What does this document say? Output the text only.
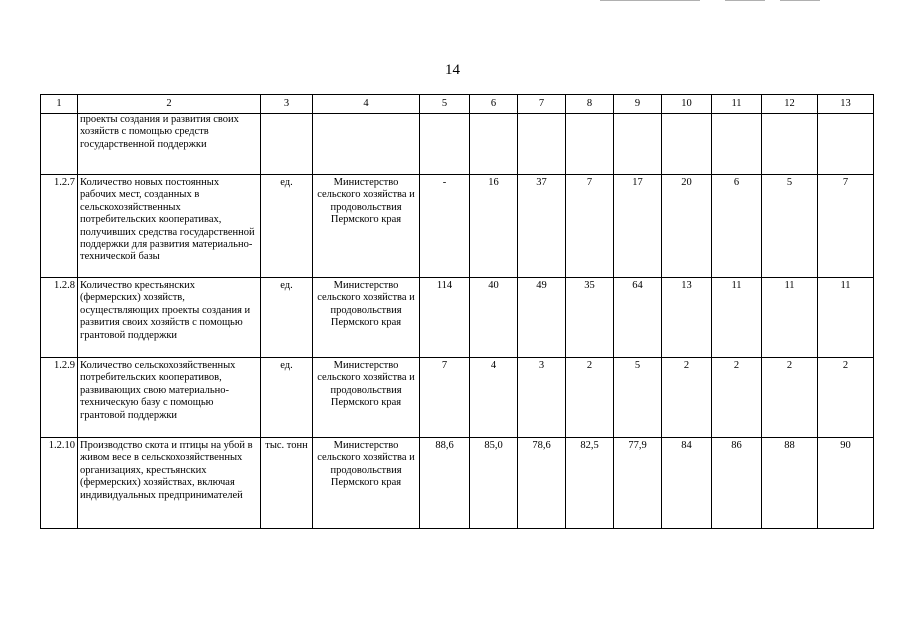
14
1	2	3	4	5	6	7	8	9	10	11	12	13
	проекты создания и развития своих хозяйств с помощью средств государственной поддержки											
1.2.7	Количество новых постоянных рабочих мест, созданных в сельскохозяйственных потребительских кооперативах, получивших средства государственной поддержки для развития материально-технической базы	ед.	Министерство сельского хозяйства и продовольствия Пермского края	-	16	37	7	17	20	6	5	7
1.2.8	Количество крестьянских (фермерских) хозяйств, осуществляющих проекты создания и развития своих хозяйств с помощью грантовой поддержки	ед.	Министерство сельского хозяйства и продовольствия Пермского края	114	40	49	35	64	13	11	11	11
1.2.9	Количество сельскохозяйственных потребительских кооперативов, развивающих свою материально-техническую базу с помощью грантовой поддержки	ед.	Министерство сельского хозяйства и продовольствия Пермского края	7	4	3	2	5	2	2	2	2
1.2.10	Производство скота и птицы на убой в живом весе в сельскохозяйственных организациях, крестьянских (фермерских) хозяйствах, включая индивидуальных предпринимателей	тыс. тонн	Министерство сельского хозяйства и продовольствия Пермского края	88,6	85,0	78,6	82,5	77,9	84	86	88	90
